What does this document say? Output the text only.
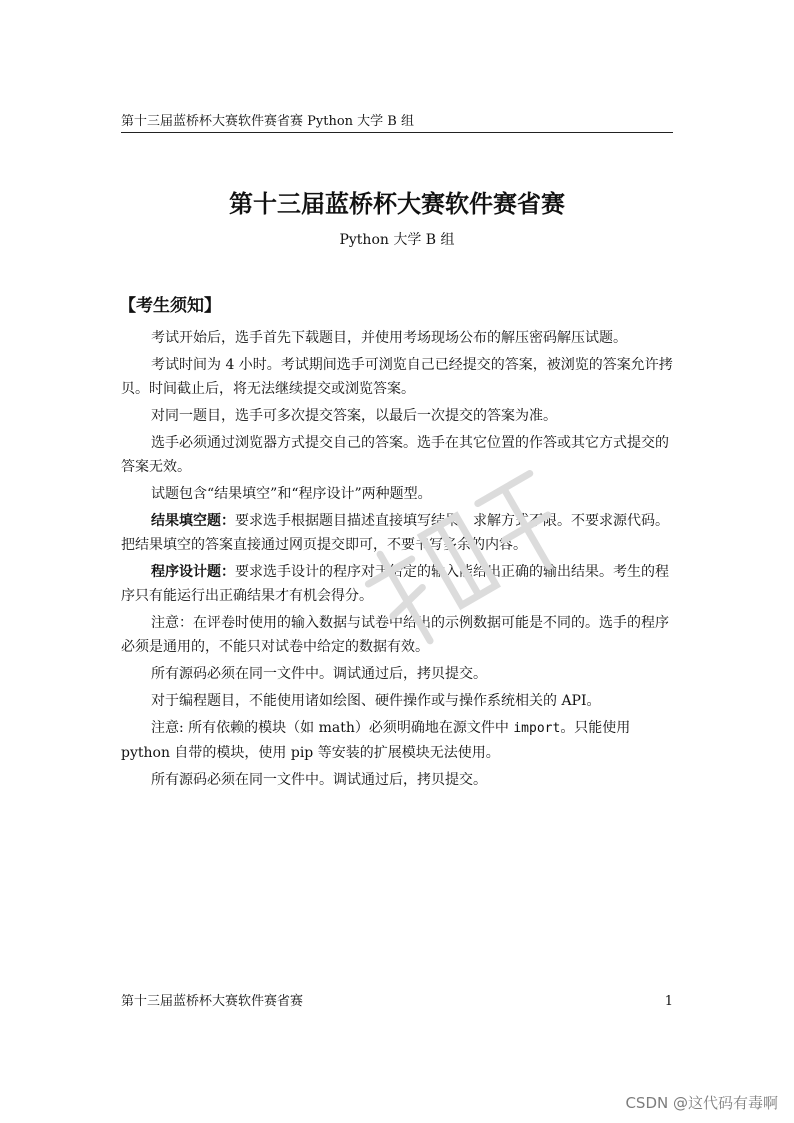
第十三届蓝桥杯大赛软件赛省赛 Python 大学 B 组
第十三届蓝桥杯大赛软件赛省赛
Python 大学 B 组
【考生须知】

考试开始后，选手首先下载题目，并使用考场现场公布的解压密码解压试题。

考试时间为 4 小时。考试期间选手可浏览自己已经提交的答案，被浏览的答案允许拷贝。时间截止后，将无法继续提交或浏览答案。

对同一题目，选手可多次提交答案，以最后一次提交的答案为准。

选手必须通过浏览器方式提交自己的答案。选手在其它位置的作答或其它方式提交的答案无效。

试题包含“结果填空”和“程序设计”两种题型。

结果填空题：要求选手根据题目描述直接填写结果。求解方式不限。不要求源代码。把结果填空的答案直接通过网页提交即可，不要书写多余的内容。

程序设计题：要求选手设计的程序对于给定的输入能给出正确的输出结果。考生的程序只有能运行出正确结果才有机会得分。

注意：在评卷时使用的输入数据与试卷中给出的示例数据可能是不同的。选手的程序必须是通用的，不能只对试卷中给定的数据有效。

所有源码必须在同一文件中。调试通过后，拷贝提交。

对于编程题目，不能使用诸如绘图、硬件操作或与操作系统相关的 API。

注意: 所有依赖的模块（如 math）必须明确地在源文件中 import。只能使用 python 自带的模块，使用 pip 等安装的扩展模块无法使用。

所有源码必须在同一文件中。调试通过后，拷贝提交。

第十三届蓝桥杯大赛软件赛省赛	1
CSDN @这代码有毒啊
